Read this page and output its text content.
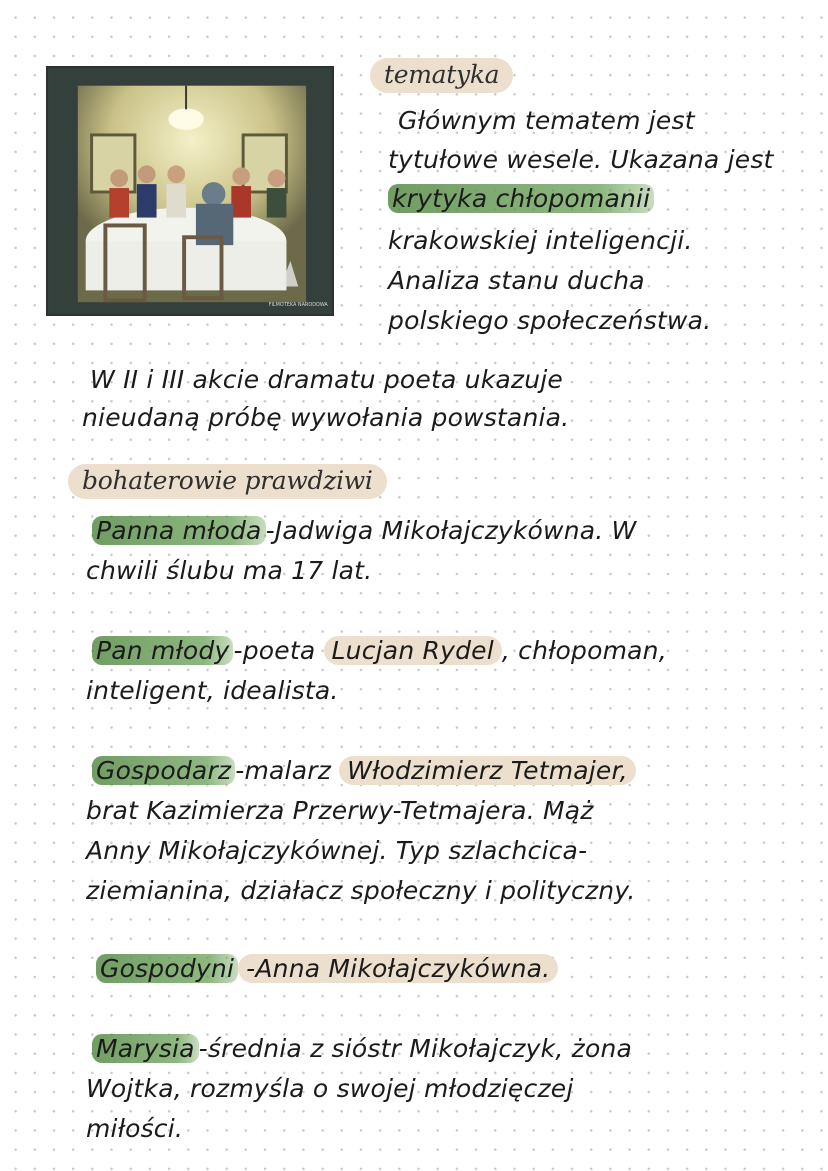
FILMOTEKA NARODOWA
tematyka

Głównym tematem jest

tytułowe wesele. Ukazana jest

krytyka chłopomanii

krakowskiej inteligencji.

Analiza stanu ducha

polskiego społeczeństwa.

W II i III akcie dramatu poeta ukazuje

nieudaną próbę wywołania powstania.

bohaterowie prawdziwi

Panna młoda -Jadwiga Mikołajczykówna. W

chwili ślubu ma 17 lat.

Pan młody -poeta Lucjan Rydel , chłopoman,

inteligent, idealista.

Gospodarz -malarz Włodzimierz Tetmajer,

brat Kazimierza Przerwy-Tetmajera. Mąż

Anny Mikołajczykównej. Typ szlachcica-

ziemianina, działacz społeczny i polityczny.

Gospodyni -Anna Mikołajczykówna.

Marysia -średnia z sióstr Mikołajczyk, żona

Wojtka, rozmyśla o swojej młodzięczej

miłości.
